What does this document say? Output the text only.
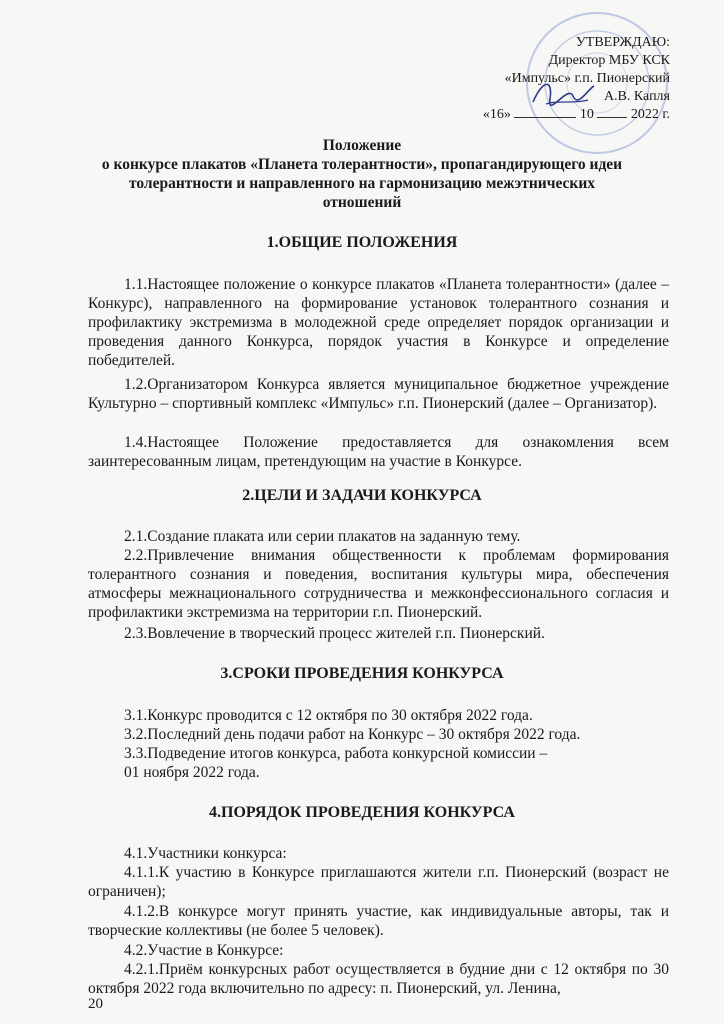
УТВЕРЖДАЮ:
Директор МБУ КСК
«Импульс» г.п. Пионерский
А.В. Капля
«16»	10	2022 г.
Положение
о конкурсе плакатов «Планета толерантности», пропагандирующего идеи
толерантности и направленного на гармонизацию межэтнических
отношений
1.ОБЩИЕ ПОЛОЖЕНИЯ

1.1.Настоящее положение о конкурсе плакатов «Планета толерантности» (далее – Конкурс), направленного на формирование установок толерантного сознания и профилактику экстремизма в молодежной среде определяет порядок организации и проведения данного Конкурса, порядок участия в Конкурсе и определение победителей.

1.2.Организатором Конкурса является муниципальное бюджетное учреждение Культурно – спортивный комплекс «Импульс» г.п. Пионерский (далее – Организатор).

1.4.Настоящее Положение предоставляется для ознакомления всем заинтересованным лицам, претендующим на участие в Конкурсе.

2.ЦЕЛИ И ЗАДАЧИ КОНКУРСА

2.1.Создание плаката или серии плакатов на заданную тему.

2.2.Привлечение внимания общественности к проблемам формирования толерантного сознания и поведения, воспитания культуры мира, обеспечения атмосферы межнационального сотрудничества и межконфессионального согласия и профилактики экстремизма на территории г.п. Пионерский.

2.3.Вовлечение в творческий процесс жителей г.п. Пионерский.

3.СРОКИ ПРОВЕДЕНИЯ КОНКУРСА

3.1.Конкурс проводится с 12 октября по 30 октября 2022 года.

3.2.Последний день подачи работ на Конкурс – 30 октября 2022 года.

3.3.Подведение итогов конкурса, работа конкурсной комиссии –

01 ноября 2022 года.

4.ПОРЯДОК ПРОВЕДЕНИЯ КОНКУРСА

4.1.Участники конкурса:

4.1.1.К участию в Конкурсе приглашаются жители г.п. Пионерский (возраст не ограничен);

4.1.2.В конкурсе могут принять участие, как индивидуальные авторы, так и творческие коллективы (не более 5 человек).

4.2.Участие в Конкурсе:

4.2.1.Приём конкурсных работ осуществляется в будние дни с 12 октября по 30 октября 2022 года включительно по адресу: п. Пионерский, ул. Ленина,

20
